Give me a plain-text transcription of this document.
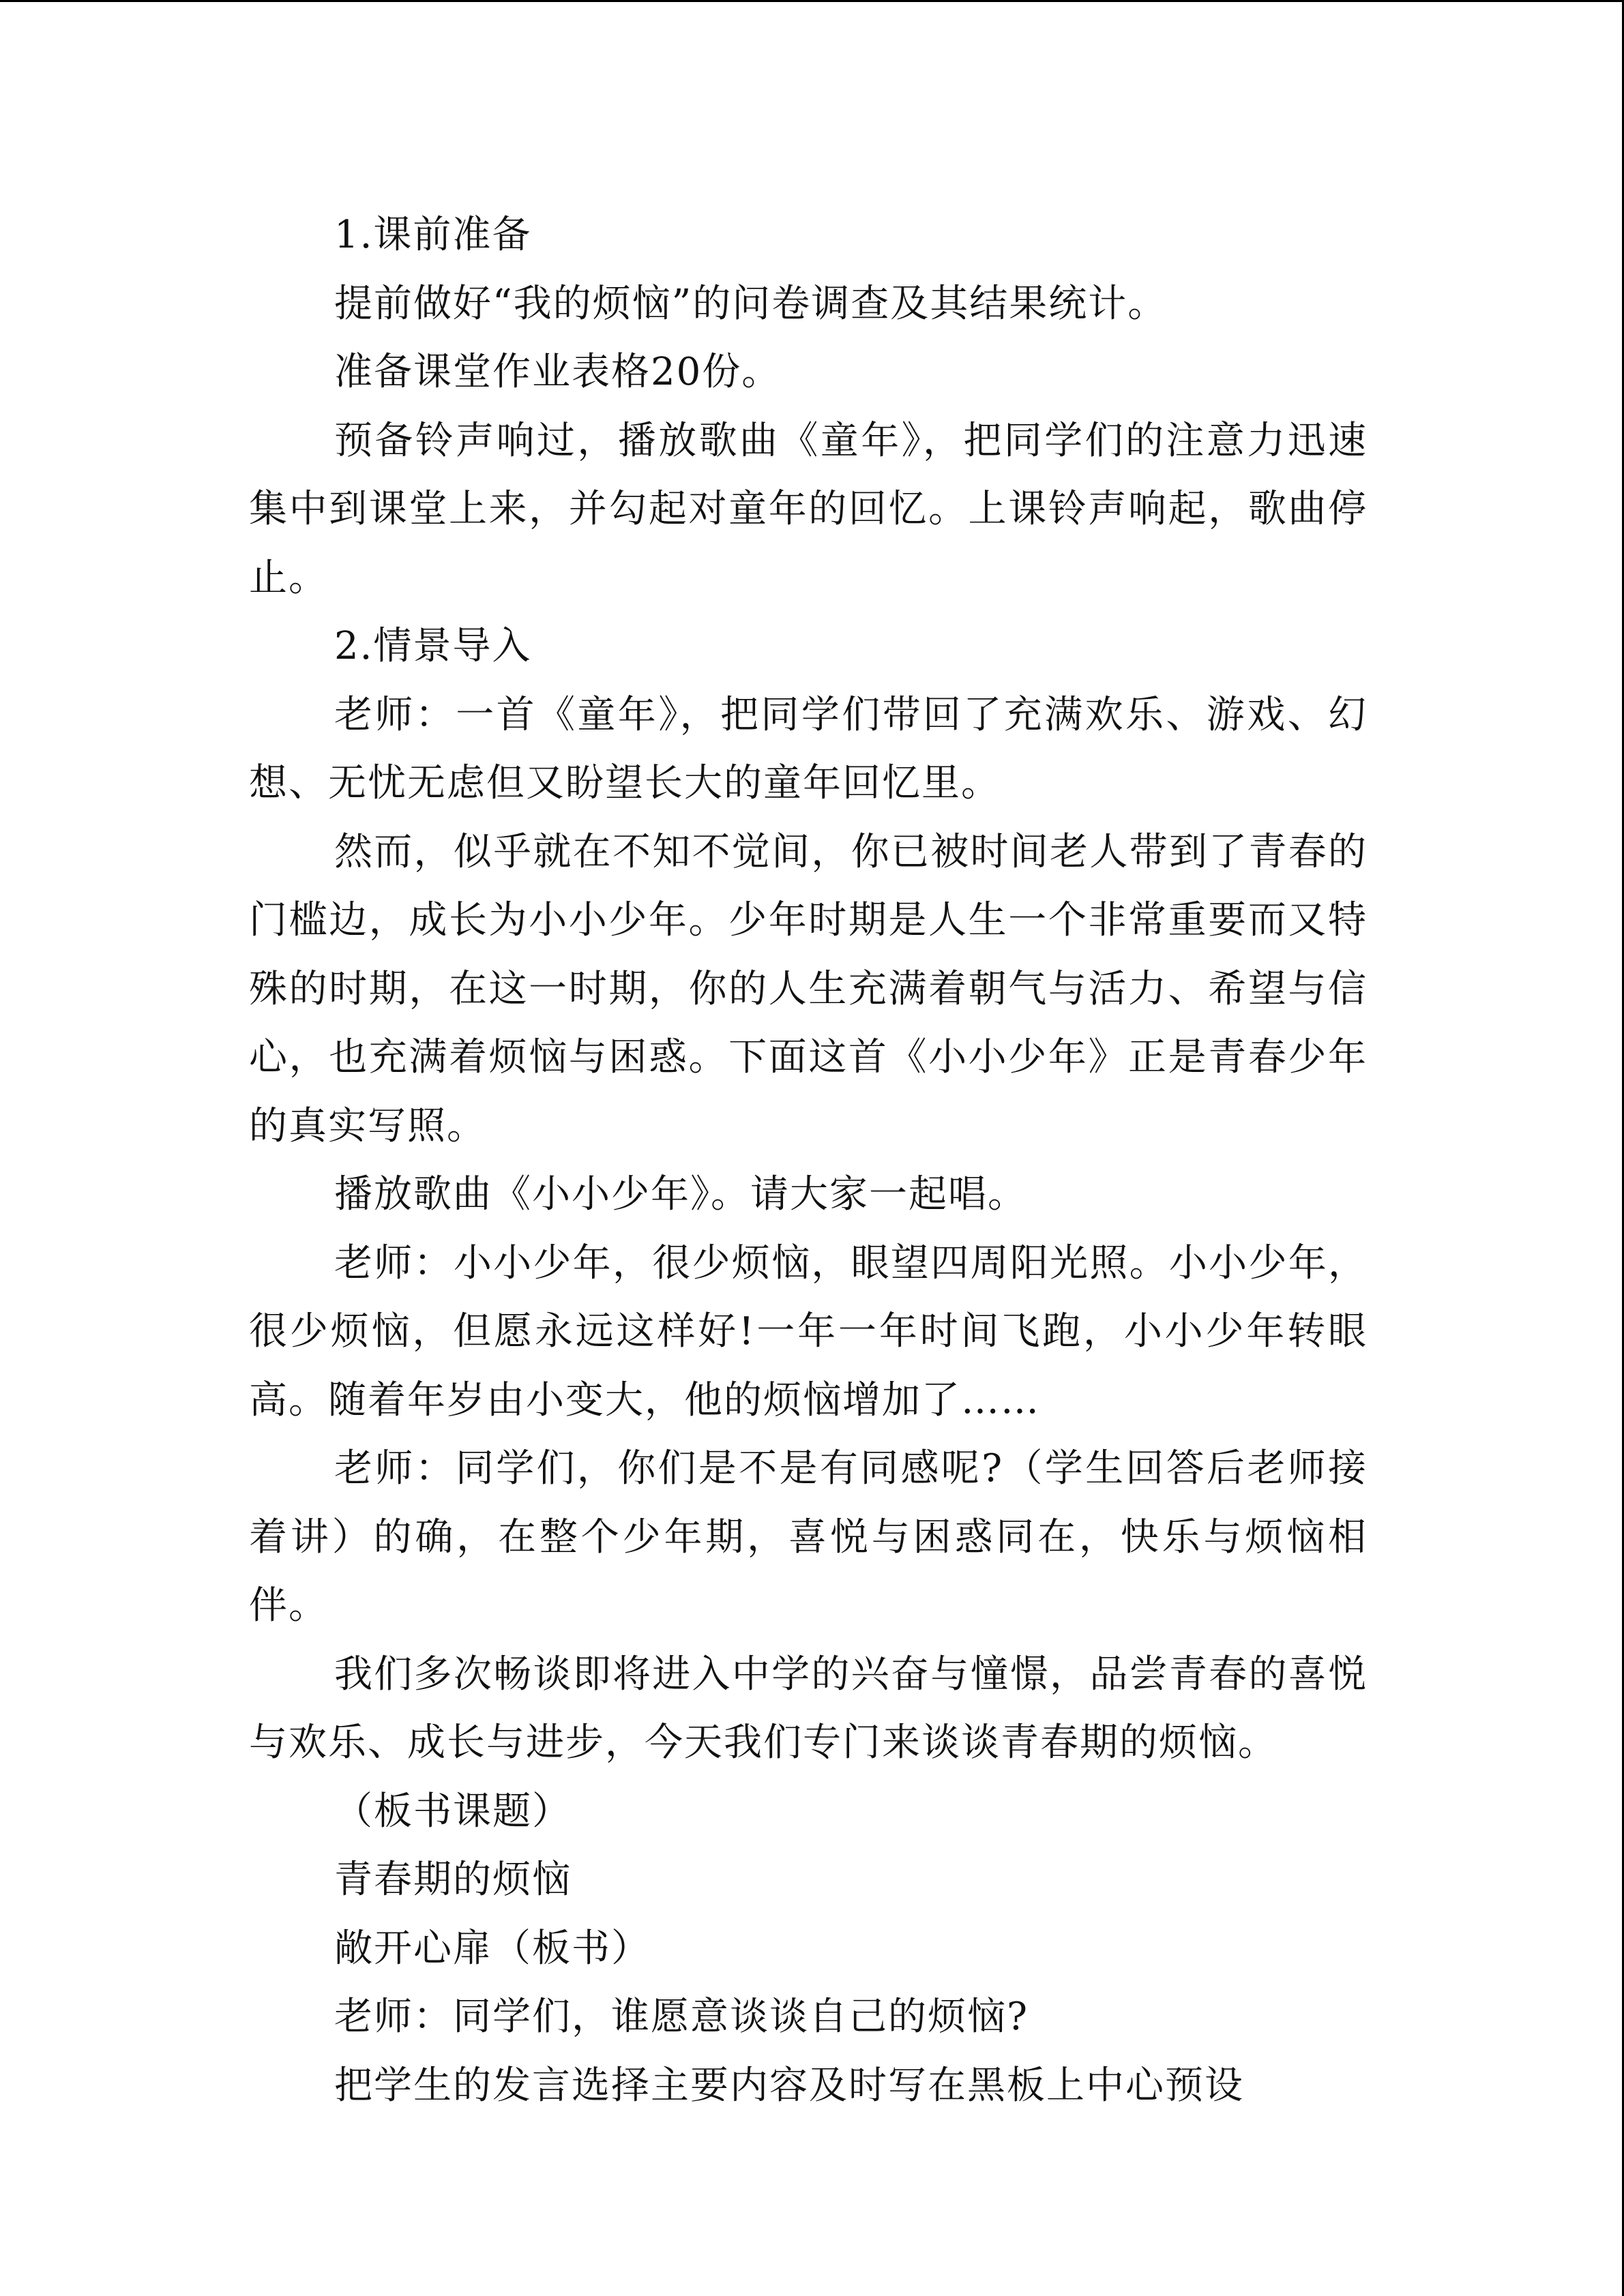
1.课前准备

提前做好“我的烦恼”的问卷调查及其结果统计。

准备课堂作业表格20份。

预备铃声响过，播放歌曲《童年》，把同学们的注意力迅速集中到课堂上来，并勾起对童年的回忆。上课铃声响起，歌曲停止。

2.情景导入

老师：一首《童年》，把同学们带回了充满欢乐、游戏、幻想、无忧无虑但又盼望长大的童年回忆里。

然而，似乎就在不知不觉间，你已被时间老人带到了青春的门槛边，成长为小小少年。少年时期是人生一个非常重要而又特殊的时期，在这一时期，你的人生充满着朝气与活力、希望与信心，也充满着烦恼与困惑。下面这首《小小少年》正是青春少年的真实写照。

播放歌曲《小小少年》。请大家一起唱。

老师：小小少年，很少烦恼，眼望四周阳光照。小小少年，很少烦恼，但愿永远这样好!一年一年时间飞跑，小小少年转眼高。随着年岁由小变大，他的烦恼增加了……

老师：同学们，你们是不是有同感呢?（学生回答后老师接着讲）的确，在整个少年期，喜悦与困惑同在，快乐与烦恼相伴。

我们多次畅谈即将进入中学的兴奋与憧憬，品尝青春的喜悦与欢乐、成长与进步，今天我们专门来谈谈青春期的烦恼。

（板书课题）

青春期的烦恼

敞开心扉（板书）

老师：同学们，谁愿意谈谈自己的烦恼?

把学生的发言选择主要内容及时写在黑板上中心预设
